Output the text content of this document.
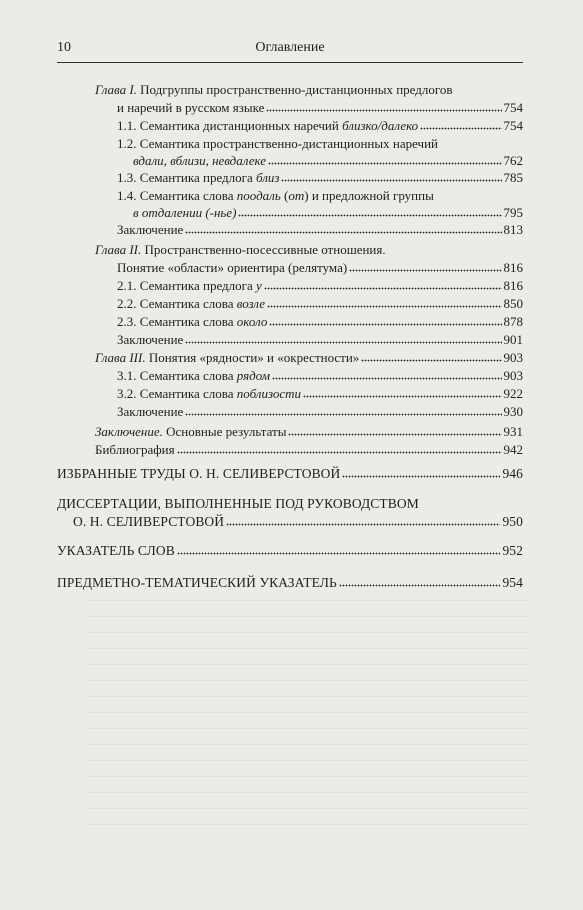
10	Оглавление
Глава I. Подгруппы пространственно-дистанционных предлогов
и наречий в русском языке	754
1.1. Семантика дистанционных наречий близко/далеко	754
1.2. Семантика пространственно-дистанционных наречий
вдали, вблизи, невдалеке	762
1.3. Семантика предлога близ	785
1.4. Семантика слова поодаль (от) и предложной группы
в отдалении (-нье)	795
Заключение	813
Глава II. Пространственно-посессивные отношения.
Понятие «области» ориентира (релятума)	816
2.1. Семантика предлога у	816
2.2. Семантика слова возле	850
2.3. Семантика слова около	878
Заключение	901
Глава III. Понятия «рядности» и «окрестности»	903
3.1. Семантика слова рядом	903
3.2. Семантика слова поблизости	922
Заключение	930
Заключение. Основные результаты	931
Библиография	942
ИЗБРАННЫЕ ТРУДЫ О. Н. СЕЛИВЕРСТОВОЙ	946
ДИССЕРТАЦИИ, ВЫПОЛНЕННЫЕ ПОД РУКОВОДСТВОМ
О. Н. СЕЛИВЕРСТОВОЙ	950
УКАЗАТЕЛЬ СЛОВ	952
ПРЕДМЕТНО-ТЕМАТИЧЕСКИЙ УКАЗАТЕЛЬ	954
